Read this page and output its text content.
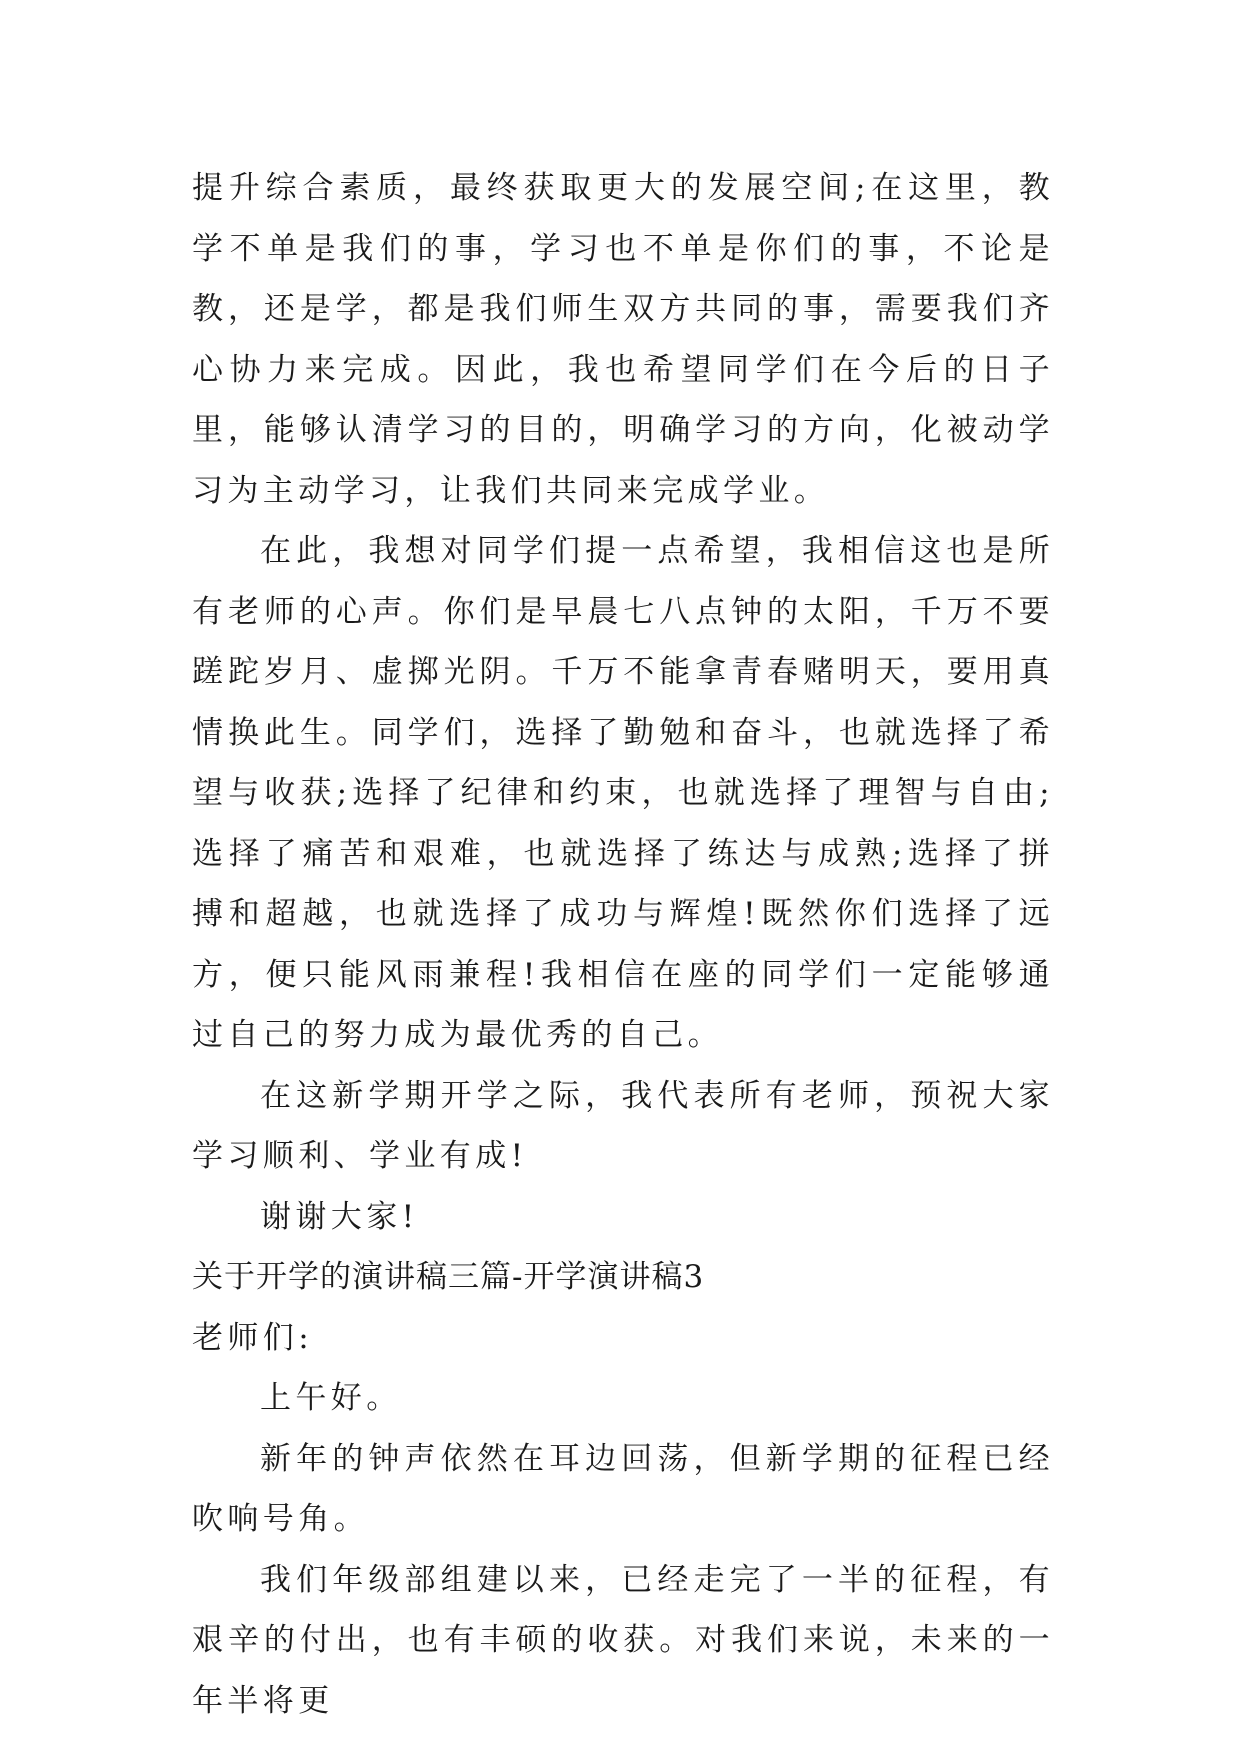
提升综合素质，最终获取更大的发展空间;在这里，教学不单是我们的事，学习也不单是你们的事，不论是教，还是学，都是我们师生双方共同的事，需要我们齐心协力来完成。因此，我也希望同学们在今后的日子里，能够认清学习的目的，明确学习的方向，化被动学习为主动学习，让我们共同来完成学业。

在此，我想对同学们提一点希望，我相信这也是所有老师的心声。你们是早晨七八点钟的太阳，千万不要蹉跎岁月、虚掷光阴。千万不能拿青春赌明天，要用真情换此生。同学们，选择了勤勉和奋斗，也就选择了希望与收获;选择了纪律和约束，也就选择了理智与自由;选择了痛苦和艰难，也就选择了练达与成熟;选择了拼搏和超越，也就选择了成功与辉煌!既然你们选择了远方，便只能风雨兼程!我相信在座的同学们一定能够通过自己的努力成为最优秀的自己。

在这新学期开学之际，我代表所有老师，预祝大家学习顺利、学业有成!

谢谢大家!

关于开学的演讲稿三篇-开学演讲稿3

老师们:

上午好。

新年的钟声依然在耳边回荡，但新学期的征程已经吹响号角。

我们年级部组建以来，已经走完了一半的征程，有艰辛的付出，也有丰硕的收获。对我们来说，未来的一年半将更
